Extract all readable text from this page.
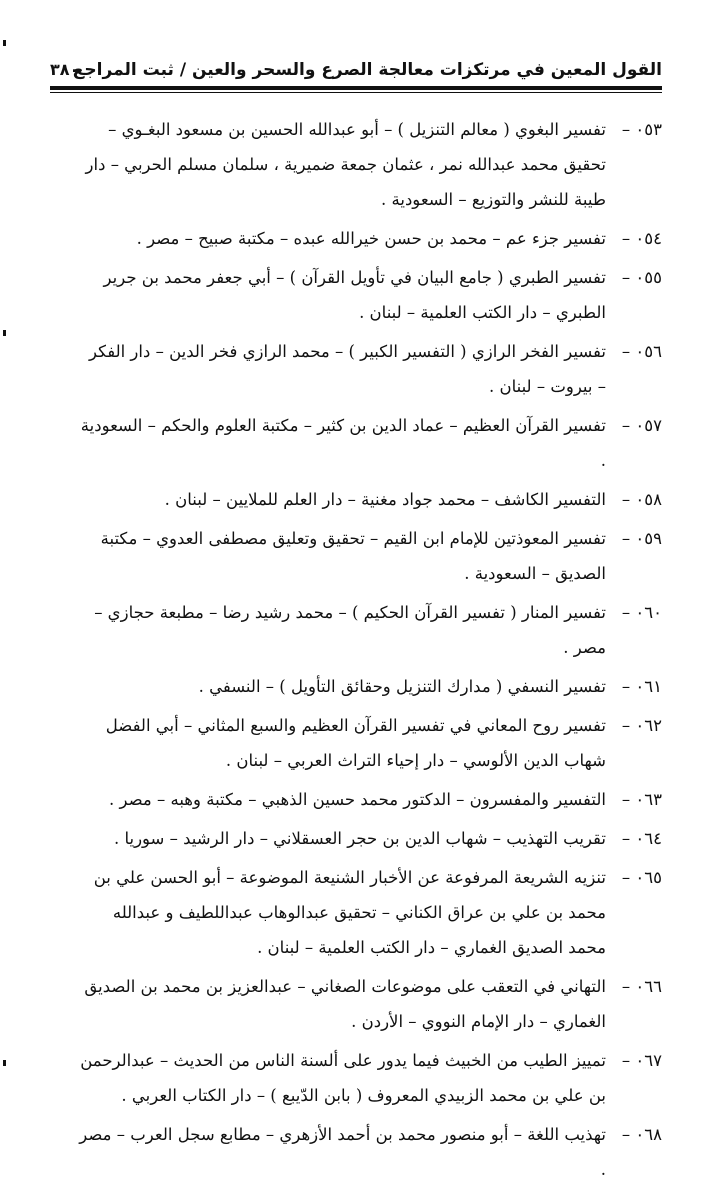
القول المعين في مرتكزات معالجة الصرع والسحر والعين / ثبت المراجع
٣٨٠
٠٥٣ –
تفسير البغوي ( معالم التنزيل ) – أبو عبدالله الحسين بن مسعود البغـوي – تحقيق محمد عبدالله نمر ، عثمان جمعة ضميرية ، سلمان مسلم الحربي – دار طيبة للنشر والتوزيع – السعودية .
٠٥٤ –
تفسير جزء عم – محمد بن حسن خيرالله عبده – مكتبة صبيح – مصر .
٠٥٥ –
تفسير الطبري ( جامع البيان في تأويل القرآن ) – أبي جعفر محمد بن جرير الطبري – دار الكتب العلمية – لبنان .
٠٥٦ –
تفسير الفخر الرازي ( التفسير الكبير ) – محمد الرازي فخر الدين – دار الفكر – بيروت – لبنان .
٠٥٧ –
تفسير القرآن العظيم – عماد الدين بن كثير – مكتبة العلوم والحكم – السعودية .
٠٥٨ –
التفسير الكاشف – محمد جواد مغنية – دار العلم للملايين – لبنان .
٠٥٩ –
تفسير المعوذتين للإمام ابن القيم – تحقيق وتعليق مصطفى العدوي – مكتبة الصديق – السعودية .
٠٦٠ –
تفسير المنار ( تفسير القرآن الحكيم ) – محمد رشيد رضا – مطبعة حجازي – مصر .
٠٦١ –
تفسير النسفي ( مدارك التنزيل وحقائق التأويل ) – النسفي .
٠٦٢ –
تفسير روح المعاني في تفسير القرآن العظيم والسبع المثاني – أبي الفضل شهاب الدين الألوسي – دار إحياء التراث العربي – لبنان .
٠٦٣ –
التفسير والمفسرون – الدكتور محمد حسين الذهبي – مكتبة وهبه – مصر .
٠٦٤ –
تقريب التهذيب – شهاب الدين بن حجر العسقلاني – دار الرشيد – سوريا .
٠٦٥ –
تنزيه الشريعة المرفوعة عن الأخبار الشنيعة الموضوعة – أبو الحسن علي بن محمد بن علي بن عراق الكناني – تحقيق عبدالوهاب عبداللطيف و عبدالله محمد الصديق الغماري – دار الكتب العلمية – لبنان .
٠٦٦ –
التهاني في التعقب على موضوعات الصغاني – عبدالعزيز بن محمد بن الصديق الغماري – دار الإمام النووي – الأردن .
٠٦٧ –
تمييز الطيب من الخبيث فيما يدور على ألسنة الناس من الحديث – عبدالرحمن بن علي بن محمد الزبيدي المعروف ( بابن الدّيبع ) – دار الكتاب العربي .
٠٦٨ –
تهذيب اللغة – أبو منصور محمد بن أحمد الأزهري – مطابع سجل العرب – مصر .
